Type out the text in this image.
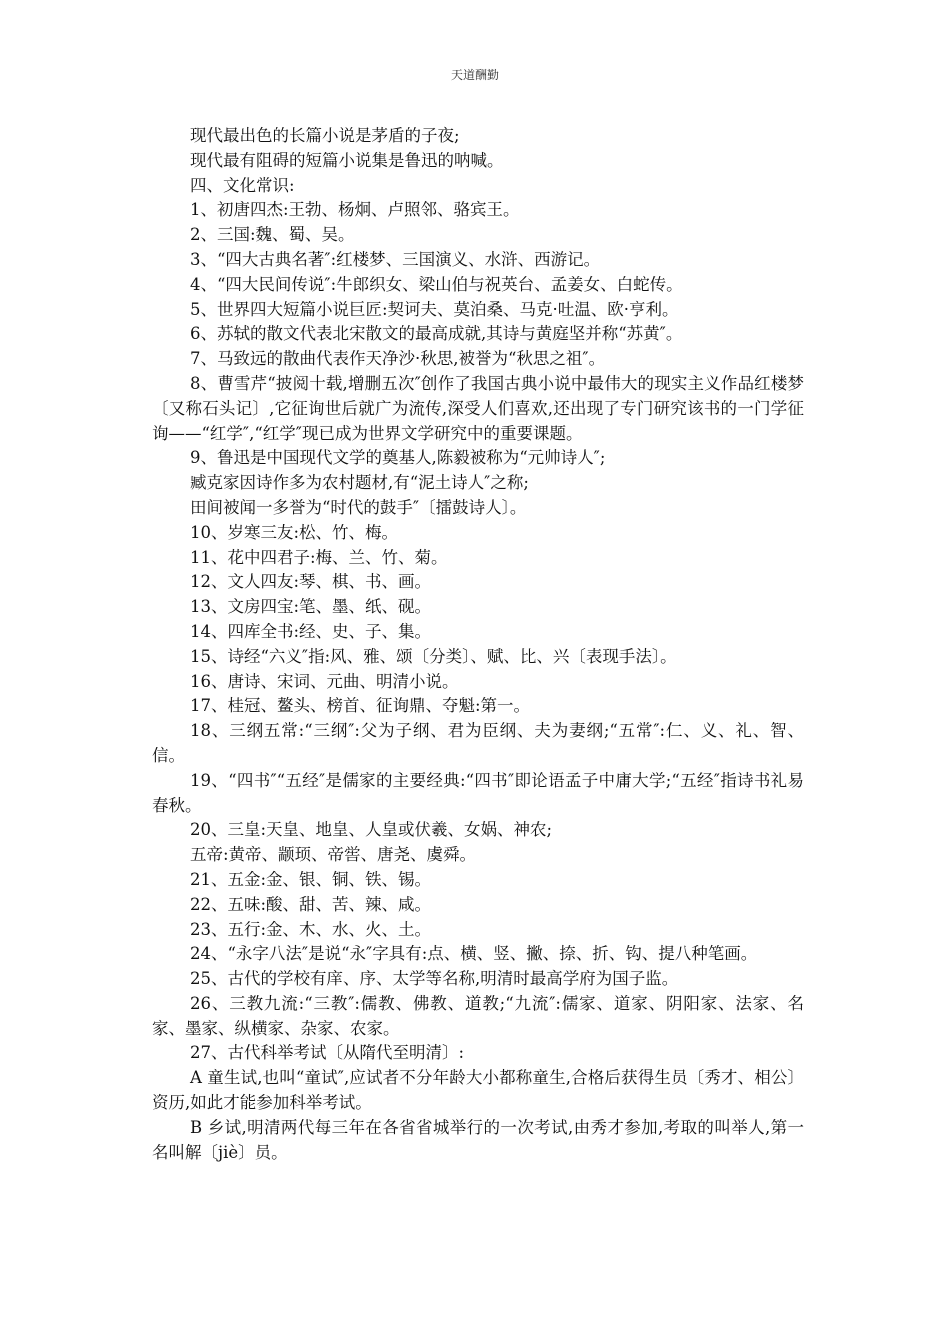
天道酬勤

现代最出色的长篇小说是茅盾的子夜;

现代最有阻碍的短篇小说集是鲁迅的呐喊。

四、文化常识:

1、初唐四杰:王勃、杨炯、卢照邻、骆宾王。

2、三国:魏、蜀、吴。

3、“四大古典名著″:红楼梦、三国演义、水浒、西游记。

4、“四大民间传说″:牛郎织女、梁山伯与祝英台、孟姜女、白蛇传。

5、世界四大短篇小说巨匠:契诃夫、莫泊桑、马克·吐温、欧·亨利。

6、苏轼的散文代表北宋散文的最高成就,其诗与黄庭坚并称“苏黄″。

7、马致远的散曲代表作天净沙·秋思,被誉为“秋思之祖″。

8、曹雪芹“披阅十载,增删五次″创作了我国古典小说中最伟大的现实主义作品红楼梦〔又称石头记〕,它征询世后就广为流传,深受人们喜欢,还出现了专门研究该书的一门学征询——“红学″,“红学″现已成为世界文学研究中的重要课题。

9、鲁迅是中国现代文学的奠基人,陈毅被称为“元帅诗人″;

臧克家因诗作多为农村题材,有“泥土诗人″之称;

田间被闻一多誉为“时代的鼓手″〔擂鼓诗人〕。

10、岁寒三友:松、竹、梅。

11、花中四君子:梅、兰、竹、菊。

12、文人四友:琴、棋、书、画。

13、文房四宝:笔、墨、纸、砚。

14、四库全书:经、史、子、集。

15、诗经“六义″指:风、雅、颂〔分类〕、赋、比、兴〔表现手法〕。

16、唐诗、宋词、元曲、明清小说。

17、桂冠、鳌头、榜首、征询鼎、夺魁:第一。

18、三纲五常:“三纲″:父为子纲、君为臣纲、夫为妻纲;“五常″:仁、义、礼、智、信。

19、“四书″“五经″是儒家的主要经典:“四书″即论语孟子中庸大学;“五经″指诗书礼易春秋。

20、三皇:天皇、地皇、人皇或伏羲、女娲、神农;

五帝:黄帝、颛顼、帝喾、唐尧、虞舜。

21、五金:金、银、铜、铁、锡。

22、五味:酸、甜、苦、辣、咸。

23、五行:金、木、水、火、土。

24、“永字八法″是说“永″字具有:点、横、竖、撇、捺、折、钩、提八种笔画。

25、古代的学校有庠、序、太学等名称,明清时最高学府为国子监。

26、三教九流:“三教″:儒教、佛教、道教;“九流″:儒家、道家、阴阳家、法家、名家、墨家、纵横家、杂家、农家。

27、古代科举考试〔从隋代至明清〕:

A 童生试,也叫“童试″,应试者不分年龄大小都称童生,合格后获得生员〔秀才、相公〕资历,如此才能参加科举考试。

B 乡试,明清两代每三年在各省省城举行的一次考试,由秀才参加,考取的叫举人,第一名叫解〔jiè〕员。
